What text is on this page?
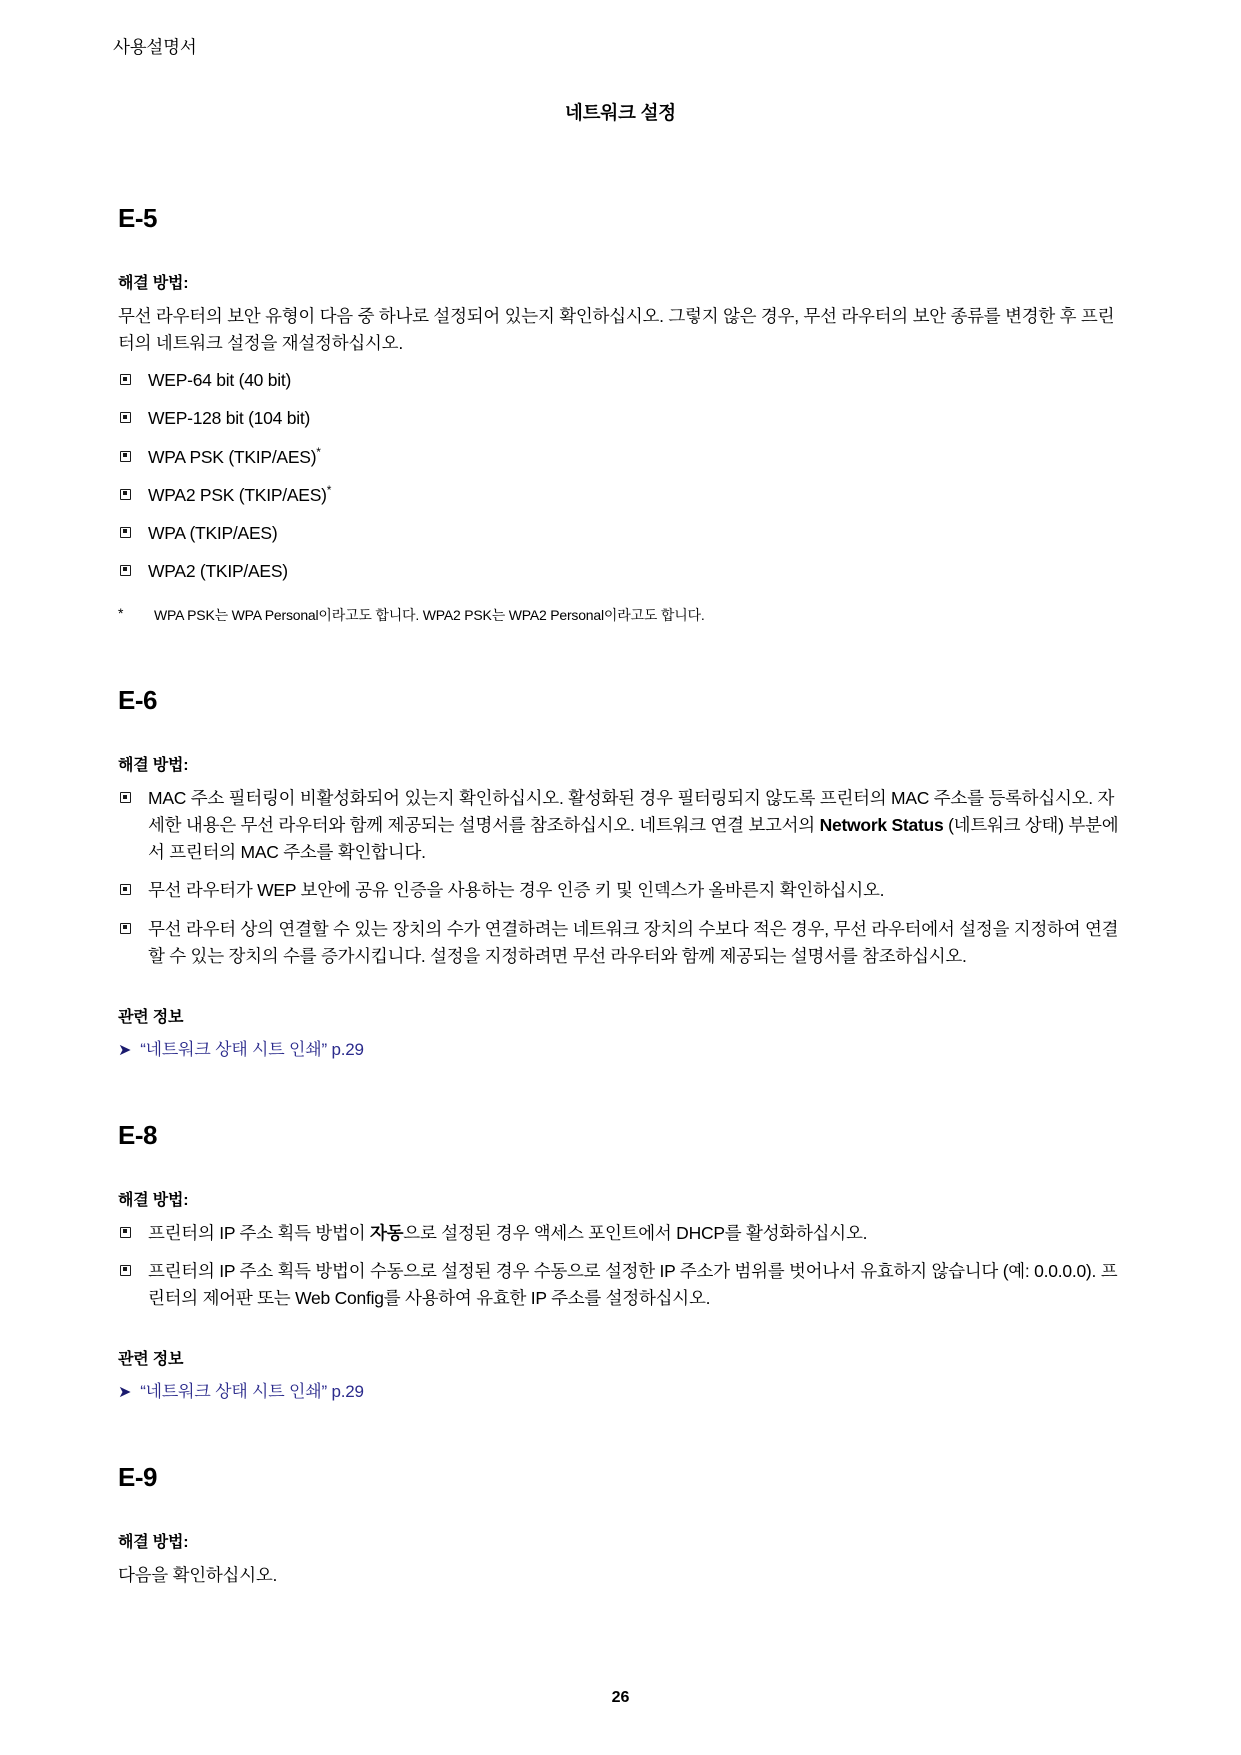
사용설명서
네트워크 설정
E-5
해결 방법:

무선 라우터의 보안 유형이 다음 중 하나로 설정되어 있는지 확인하십시오. 그렇지 않은 경우, 무선 라우터의 보안 종류를 변경한 후 프린터의 네트워크 설정을 재설정하십시오.

WEP-64 bit (40 bit)
WEP-128 bit (104 bit)
WPA PSK (TKIP/AES)*
WPA2 PSK (TKIP/AES)*
WPA (TKIP/AES)
WPA2 (TKIP/AES)
*	WPA PSK는 WPA Personal이라고도 합니다. WPA2 PSK는 WPA2 Personal이라고도 합니다.
E-6
해결 방법:
MAC 주소 필터링이 비활성화되어 있는지 확인하십시오. 활성화된 경우 필터링되지 않도록 프린터의 MAC 주소를 등록하십시오. 자세한 내용은 무선 라우터와 함께 제공되는 설명서를 참조하십시오. 네트워크 연결 보고서의 Network Status (네트워크 상태) 부분에서 프린터의 MAC 주소를 확인합니다.
무선 라우터가 WEP 보안에 공유 인증을 사용하는 경우 인증 키 및 인덱스가 올바른지 확인하십시오.
무선 라우터 상의 연결할 수 있는 장치의 수가 연결하려는 네트워크 장치의 수보다 적은 경우, 무선 라우터에서 설정을 지정하여 연결할 수 있는 장치의 수를 증가시킵니다. 설정을 지정하려면 무선 라우터와 함께 제공되는 설명서를 참조하십시오.
관련 정보
➤ “네트워크 상태 시트 인쇄” p.29
E-8
해결 방법:
프린터의 IP 주소 획득 방법이 자동으로 설정된 경우 액세스 포인트에서 DHCP를 활성화하십시오.
프린터의 IP 주소 획득 방법이 수동으로 설정된 경우 수동으로 설정한 IP 주소가 범위를 벗어나서 유효하지 않습니다 (예: 0.0.0.0). 프린터의 제어판 또는 Web Config를 사용하여 유효한 IP 주소를 설정하십시오.
관련 정보
➤ “네트워크 상태 시트 인쇄” p.29
E-9
해결 방법:

다음을 확인하십시오.

26
